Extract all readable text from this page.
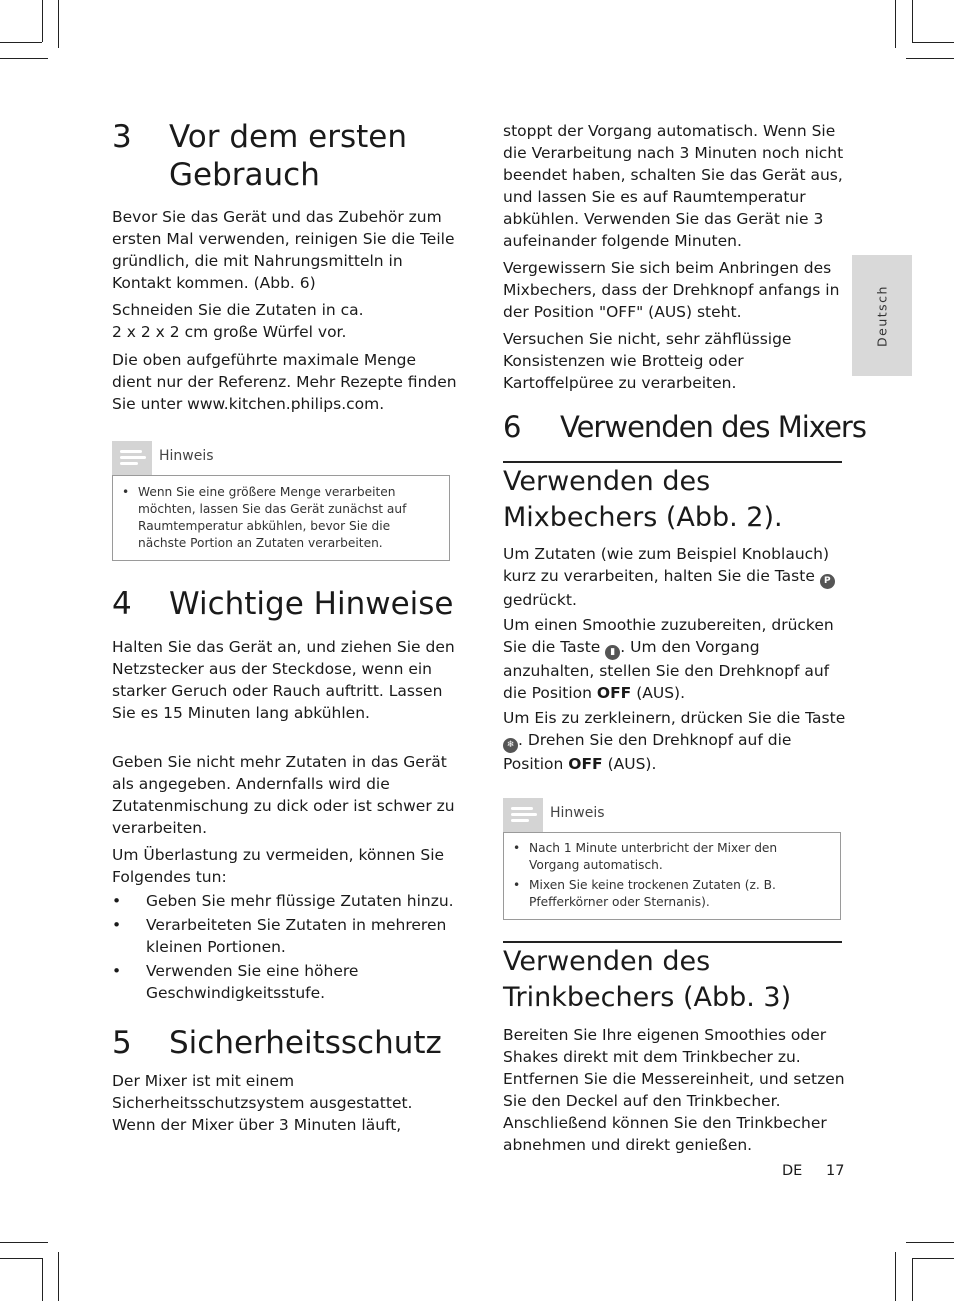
Deutsch
3 Vor dem ersten Gebrauch

Bevor Sie das Gerät und das Zubehör zum ersten Mal verwenden, reinigen Sie die Teile gründlich, die mit Nahrungsmitteln in Kontakt kommen. (Abb. 6)

Schneiden Sie die Zutaten in ca.
2 x 2 x 2 cm große Würfel vor.

Die oben aufgeführte maximale Menge dient nur der Referenz. Mehr Rezepte finden Sie unter www.kitchen.philips.com.

Hinweis
• Wenn Sie eine größere Menge verarbeiten möchten, lassen Sie das Gerät zunächst auf Raumtemperatur abkühlen, bevor Sie die nächste Portion an Zutaten verarbeiten.
4 Wichtige Hinweise

Halten Sie das Gerät an, und ziehen Sie den Netzstecker aus der Steckdose, wenn ein starker Geruch oder Rauch auftritt. Lassen Sie es 15 Minuten lang abkühlen.

Geben Sie nicht mehr Zutaten in das Gerät als angegeben. Andernfalls wird die Zutatenmischung zu dick oder ist schwer zu verarbeiten.

Um Überlastung zu vermeiden, können Sie Folgendes tun:

• Geben Sie mehr flüssige Zutaten hinzu.
• Verarbeiteten Sie Zutaten in mehreren kleinen Portionen.
• Verwenden Sie eine höhere Geschwindigkeitsstufe.
5 Sicherheitsschutz

Der Mixer ist mit einem Sicherheitsschutzsystem ausgestattet. Wenn der Mixer über 3 Minuten läuft,

stoppt der Vorgang automatisch. Wenn Sie die Verarbeitung nach 3 Minuten noch nicht beendet haben, schalten Sie das Gerät aus, und lassen Sie es auf Raumtemperatur abkühlen. Verwenden Sie das Gerät nie 3 aufeinander folgende Minuten.

Vergewissern Sie sich beim Anbringen des Mixbechers, dass der Drehknopf anfangs in der Position "OFF" (AUS) steht.

Versuchen Sie nicht, sehr zähflüssige Konsistenzen wie Brotteig oder Kartoffelpüree zu verarbeiten.

6 Verwenden des Mixers
Verwenden des Mixbechers (Abb. 2).

Um Zutaten (wie zum Beispiel Knoblauch) kurz zu verarbeiten, halten Sie die Taste P gedrückt.

Um einen Smoothie zuzubereiten, drücken Sie die Taste ▮ . Um den Vorgang anzuhalten, stellen Sie den Drehknopf auf die Position OFF (AUS).

Um Eis zu zerkleinern, drücken Sie die Taste ❄ . Drehen Sie den Drehknopf auf die Position OFF (AUS).

Hinweis
• Nach 1 Minute unterbricht der Mixer den Vorgang automatisch.
• Mixen Sie keine trockenen Zutaten (z. B. Pfefferkörner oder Sternanis).
Verwenden des Trinkbechers (Abb. 3)

Bereiten Sie Ihre eigenen Smoothies oder Shakes direkt mit dem Trinkbecher zu. Entfernen Sie die Messereinheit, und setzen Sie den Deckel auf den Trinkbecher. Anschließend können Sie den Trinkbecher abnehmen und direkt genießen.

DE 17
